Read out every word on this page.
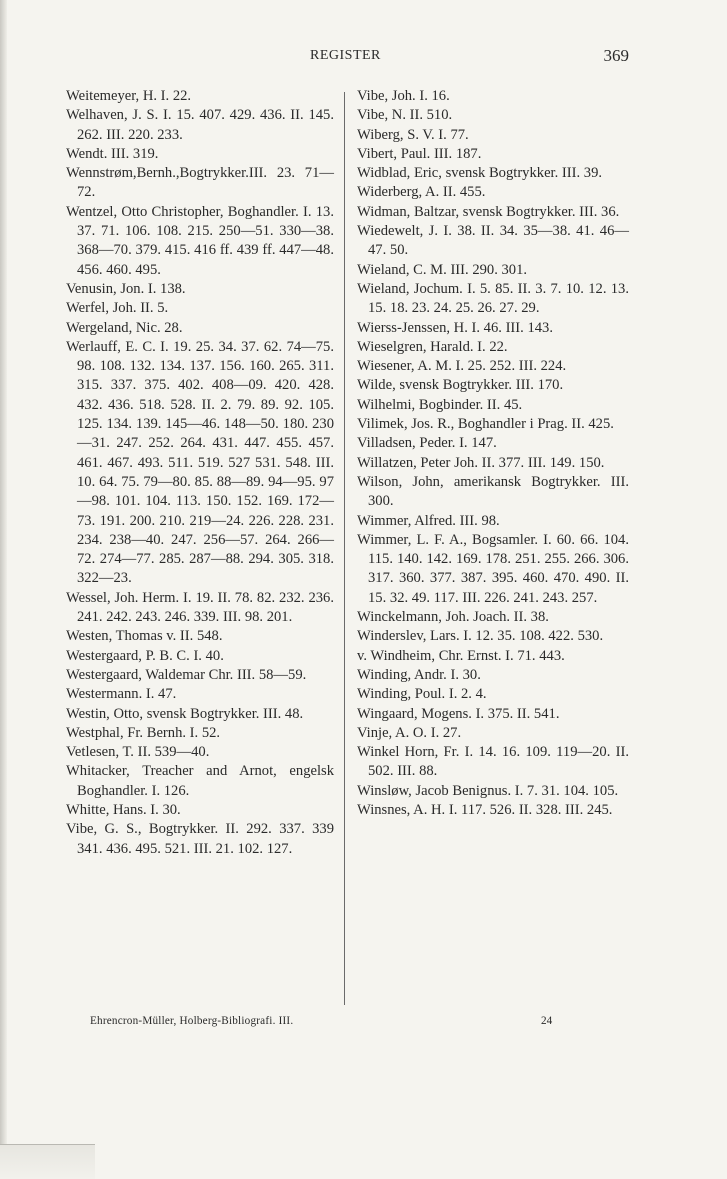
REGISTER	369
Weitemeyer, H. I. 22.
Welhaven, J. S. I. 15. 407. 429. 436. II. 145. 262. III. 220. 233.
Wendt. III. 319.
Wennstrøm,Bernh.,Bogtrykker.III. 23. 71—72.
Wentzel, Otto Christopher, Boghandler. I. 13. 37. 71. 106. 108. 215. 250—51. 330—38. 368—70. 379. 415. 416 ff. 439 ff. 447—48. 456. 460. 495.
Venusin, Jon. I. 138.
Werfel, Joh. II. 5.
Wergeland, Nic. 28.
Werlauff, E. C. I. 19. 25. 34. 37. 62. 74—75. 98. 108. 132. 134. 137. 156. 160. 265. 311. 315. 337. 375. 402. 408—09. 420. 428. 432. 436. 518. 528. II. 2. 79. 89. 92. 105. 125. 134. 139. 145—46. 148—50. 180. 230—31. 247. 252. 264. 431. 447. 455. 457. 461. 467. 493. 511. 519. 527 531. 548. III. 10. 64. 75. 79—80. 85. 88—89. 94—95. 97—98. 101. 104. 113. 150. 152. 169. 172—73. 191. 200. 210. 219—24. 226. 228. 231. 234. 238—40. 247. 256—57. 264. 266—72. 274—77. 285. 287—88. 294. 305. 318. 322—23.
Wessel, Joh. Herm. I. 19. II. 78. 82. 232. 236. 241. 242. 243. 246. 339. III. 98. 201.
Westen, Thomas v. II. 548.
Westergaard, P. B. C. I. 40.
Westergaard, Waldemar Chr. III. 58—59.
Westermann. I. 47.
Westin, Otto, svensk Bogtrykker. III. 48.
Westphal, Fr. Bernh. I. 52.
Vetlesen, T. II. 539—40.
Whitacker, Treacher and Arnot, engelsk Boghandler. I. 126.
Whitte, Hans. I. 30.
Vibe, G. S., Bogtrykker. II. 292. 337. 339 341. 436. 495. 521. III. 21. 102. 127.
Vibe, Joh. I. 16.
Vibe, N. II. 510.
Wiberg, S. V. I. 77.
Vibert, Paul. III. 187.
Widblad, Eric, svensk Bogtrykker. III. 39.
Widerberg, A. II. 455.
Widman, Baltzar, svensk Bogtrykker. III. 36.
Wiedewelt, J. I. 38. II. 34. 35—38. 41. 46—47. 50.
Wieland, C. M. III. 290. 301.
Wieland, Jochum. I. 5. 85. II. 3. 7. 10. 12. 13. 15. 18. 23. 24. 25. 26. 27. 29.
Wierss-Jenssen, H. I. 46. III. 143.
Wieselgren, Harald. I. 22.
Wiesener, A. M. I. 25. 252. III. 224.
Wilde, svensk Bogtrykker. III. 170.
Wilhelmi, Bogbinder. II. 45.
Vilimek, Jos. R., Boghandler i Prag. II. 425.
Villadsen, Peder. I. 147.
Willatzen, Peter Joh. II. 377. III. 149. 150.
Wilson, John, amerikansk Bogtrykker. III. 300.
Wimmer, Alfred. III. 98.
Wimmer, L. F. A., Bogsamler. I. 60. 66. 104. 115. 140. 142. 169. 178. 251. 255. 266. 306. 317. 360. 377. 387. 395. 460. 470. 490. II. 15. 32. 49. 117. III. 226. 241. 243. 257.
Winckelmann, Joh. Joach. II. 38.
Winderslev, Lars. I. 12. 35. 108. 422. 530.
v. Windheim, Chr. Ernst. I. 71. 443.
Winding, Andr. I. 30.
Winding, Poul. I. 2. 4.
Wingaard, Mogens. I. 375. II. 541.
Vinje, A. O. I. 27.
Winkel Horn, Fr. I. 14. 16. 109. 119—20. II. 502. III. 88.
Winsløw, Jacob Benignus. I. 7. 31. 104. 105.
Winsnes, A. H. I. 117. 526. II. 328. III. 245.
Ehrencron-Müller, Holberg-Bibliografi. III.	24
